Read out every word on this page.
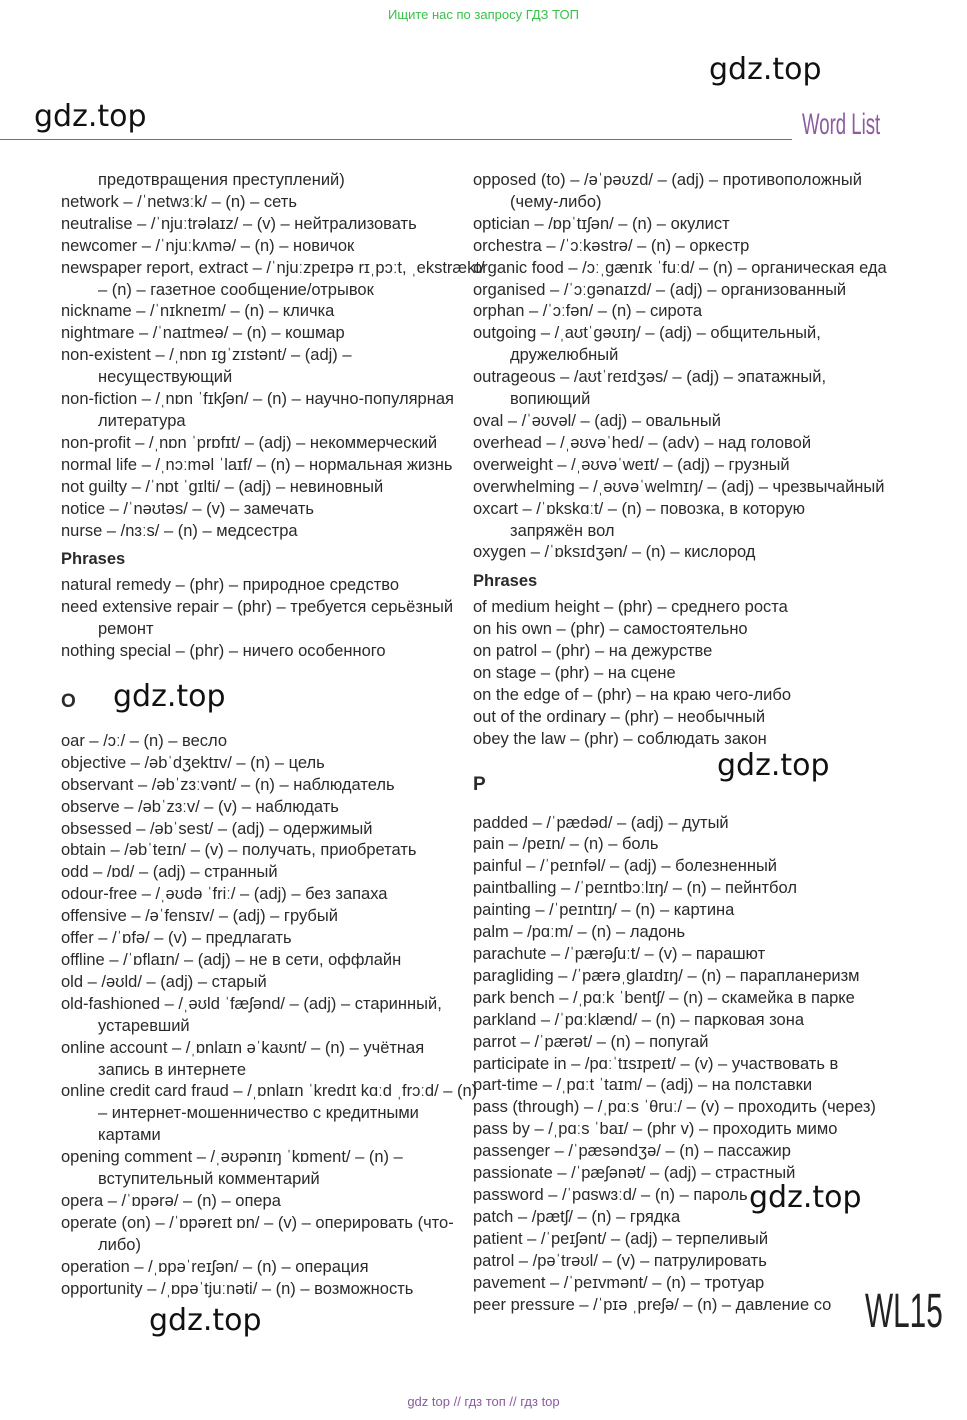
Ищите нас по запросу ГДЗ ТОП
gdz.top
gdz.top
gdz.top
gdz.top
gdz.top
gdz.top
Word List
предотвращения преступлений)
network – /ˈnetwɜːk/ – (n) – сеть
neutralise – /ˈnjuːtrəlaɪz/ – (v) – нейтрализовать
newcomer – /ˈnjuːkʌmə/ – (n) – новичок
newspaper report, extract – /ˈnjuːzpeɪpə rɪˌpɔːt, ˌekstrækt/
– (n) – газетное сообщение/отрывок
nickname – /ˈnɪkneɪm/ – (n) – кличка
nightmare – /ˈnaɪtmeə/ – (n) – кошмар
non-existent – /ˌnɒn ɪɡˈzɪstənt/ – (adj) –
несуществующий
non-fiction – /ˌnɒn ˈfɪkʃən/ – (n) – научно-популярная
литература
non-profit – /ˌnɒn ˈprɒfɪt/ – (adj) – некоммерческий
normal life – /ˌnɔːməl ˈlaɪf/ – (n) – нормальная жизнь
not guilty – /ˈnɒt ˈɡɪlti/ – (adj) – невиновный
notice – /ˈnəʊtəs/ – (v) – замечать
nurse – /nɜːs/ – (n) – медсестра
Phrases
natural remedy – (phr) – природное средство
need extensive repair – (phr) – требуется серьёзный
ремонт
nothing special – (phr) – ничего особенного
O
oar – /ɔː/ – (n) – весло
objective – /əbˈdʒektɪv/ – (n) – цель
observant – /əbˈzɜːvənt/ – (n) – наблюдатель
observe – /əbˈzɜːv/ – (v) – наблюдать
obsessed – /əbˈsest/ – (adj) – одержимый
obtain – /əbˈteɪn/ – (v) – получать, приобретать
odd – /ɒd/ – (adj) – странный
odour-free – /ˌəʊdə ˈfriː/ – (adj) – без запаха
offensive – /əˈfensɪv/ – (adj) – грубый
offer – /ˈɒfə/ – (v) – предлагать
offline – /ˈɒflaɪn/ – (adj) – не в сети, оффлайн
old – /əʊld/ – (adj) – старый
old-fashioned – /ˌəʊld ˈfæʃənd/ – (adj) – старинный,
устаревший
online account – /ˌɒnlaɪn əˈkaʊnt/ – (n) – учётная
запись в интернете
online credit card fraud – /ˌɒnlaɪn ˈkredɪt kɑːd ˌfrɔːd/ – (n)
– интернет-мошенничество с кредитными
картами
opening comment – /ˌəʊpənɪŋ ˈkɒment/ – (n) –
вступительный комментарий
opera – /ˈɒpərə/ – (n) – опера
operate (on) – /ˈɒpəreɪt ɒn/ – (v) – оперировать (что-
либо)
operation – /ˌɒpəˈreɪʃən/ – (n) – операция
opportunity – /ˌɒpəˈtjuːnəti/ – (n) – возможность
opposed (to) – /əˈpəʊzd/ – (adj) – противоположный
(чему-либо)
optician – /ɒpˈtɪʃən/ – (n) – окулист
orchestra – /ˈɔːkəstrə/ – (n) – оркестр
organic food – /ɔːˌɡænɪk ˈfuːd/ – (n) – органическая еда
organised – /ˈɔːɡənaɪzd/ – (adj) – организованный
orphan – /ˈɔːfən/ – (n) – сирота
outgoing – /ˌaʊtˈɡəʊɪŋ/ – (adj) – общительный,
дружелюбный
outrageous – /aʊtˈreɪdʒəs/ – (adj) – эпатажный,
вопиющий
oval – /ˈəʊvəl/ – (adj) – овальный
overhead – /ˌəʊvəˈhed/ – (adv) – над головой
overweight – /ˌəʊvəˈweɪt/ – (adj) – грузный
overwhelming – /ˌəʊvəˈwelmɪŋ/ – (adj) – чрезвычайный
oxcart – /ˈɒkskɑːt/ – (n) – повозка, в которую
запряжён вол
oxygen – /ˈɒksɪdʒən/ – (n) – кислород
Phrases
of medium height – (phr) – среднего роста
on his own – (phr) – самостоятельно
on patrol – (phr) – на дежурстве
on stage – (phr) – на сцене
on the edge of – (phr) – на краю чего-либо
out of the ordinary – (phr) – необычный
obey the law – (phr) – соблюдать закон
P
padded – /ˈpædəd/ – (adj) – дутый
pain – /peɪn/ – (n) – боль
painful – /ˈpeɪnfəl/ – (adj) – болезненный
paintballing – /ˈpeɪntbɔːlɪŋ/ – (n) – пейнтбол
painting – /ˈpeɪntɪŋ/ – (n) – картина
palm – /pɑːm/ – (n) – ладонь
parachute – /ˈpærəʃuːt/ – (v) – парашют
paragliding – /ˈpærəˌɡlaɪdɪŋ/ – (n) – парапланеризм
park bench – /ˌpɑːk ˈbentʃ/ – (n) – скамейка в парке
parkland – /ˈpɑːklænd/ – (n) – парковая зона
parrot – /ˈpærət/ – (n) – попугай
participate in – /pɑːˈtɪsɪpeɪt/ – (v) – участвовать в
part-time – /ˌpɑːt ˈtaɪm/ – (adj) – на полставки
pass (through) – /ˌpɑːs ˈθruː/ – (v) – проходить (через)
pass by – /ˌpɑːs ˈbaɪ/ – (phr v) – проходить мимо
passenger – /ˈpæsəndʒə/ – (n) – пассажир
passionate – /ˈpæʃənət/ – (adj) – страстный
password – /ˈpɑswɜːd/ – (n) – пароль
patch – /pætʃ/ – (n) – грядка
patient – /ˈpeɪʃənt/ – (adj) – терпеливый
patrol – /pəˈtrəʊl/ – (v) – патрулировать
pavement – /ˈpeɪvmənt/ – (n) – тротуар
peer pressure – /ˈpɪə ˌpreʃə/ – (n) – давление со WL15
gdz top // гдз топ // гдз tоp
